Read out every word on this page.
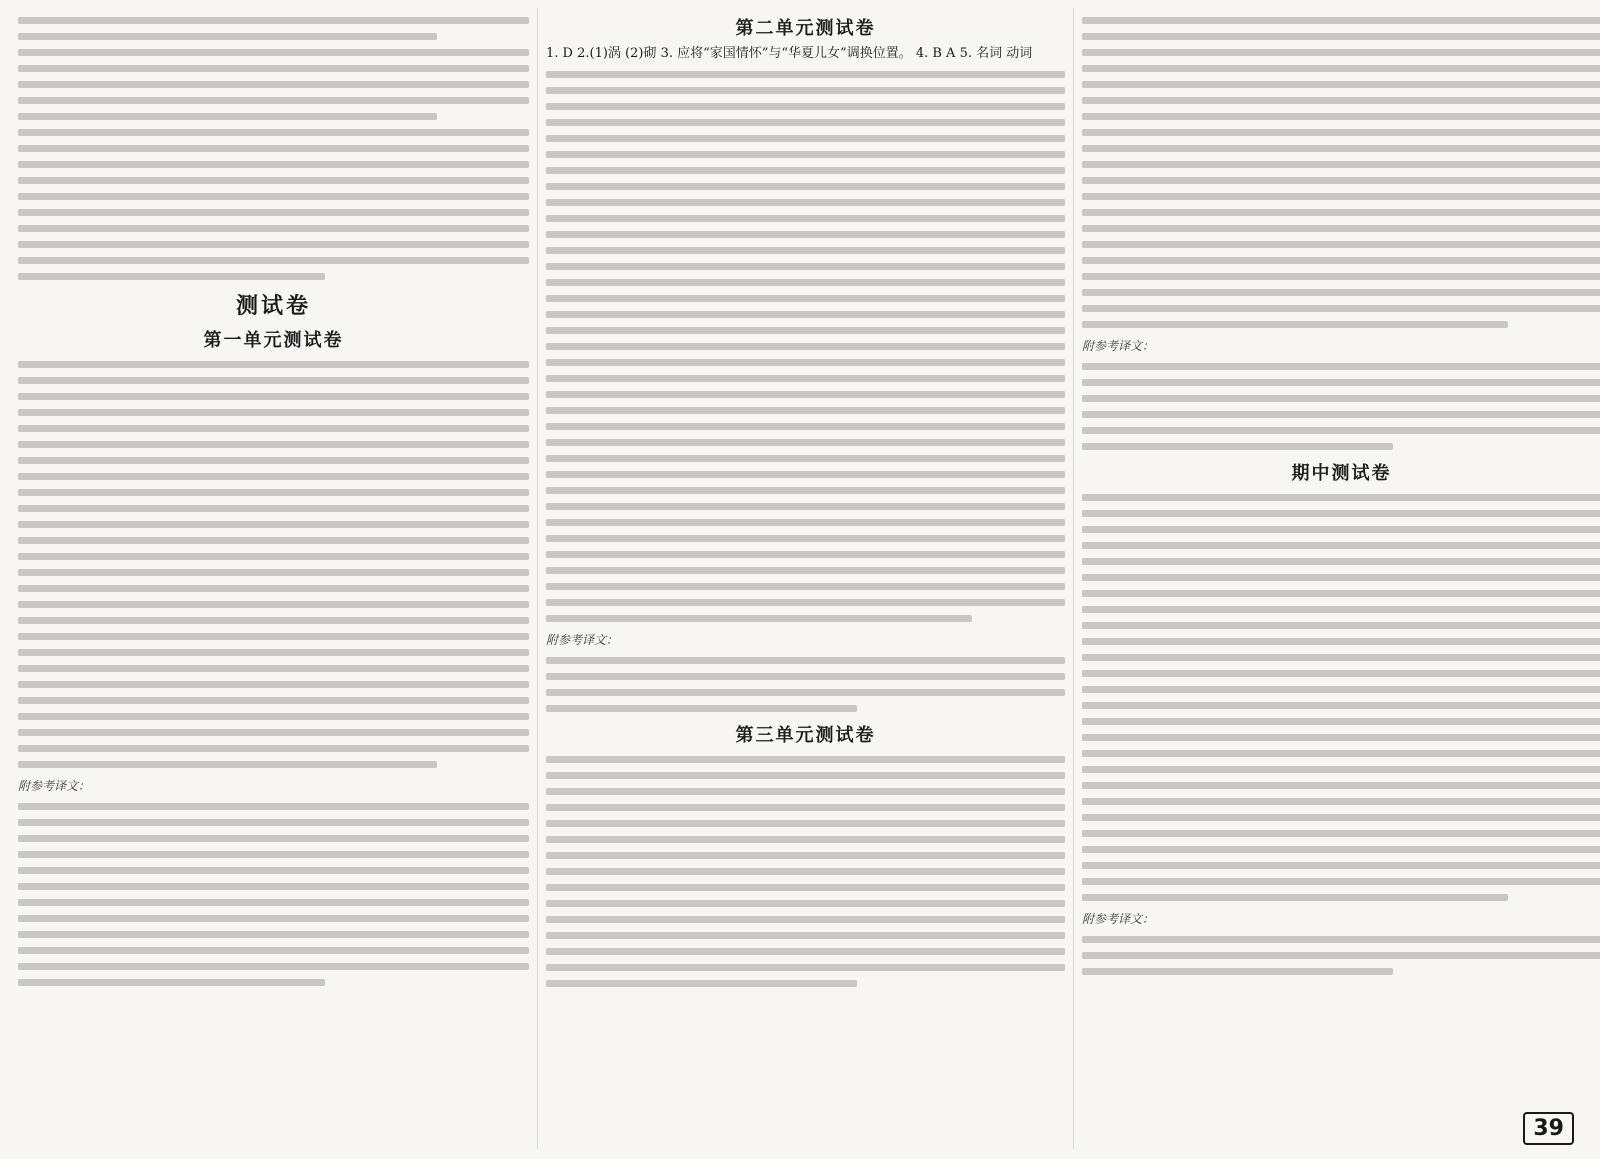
测试卷
第一单元测试卷
附参考译文：
第二单元测试卷
1. D 2.(1)涡 (2)砌 3. 应将“家国情怀”与“华夏儿女”调换位置。 4. B A 5. 名词 动词
附参考译文：
第三单元测试卷
附参考译文：
期中测试卷
附参考译文：
39
